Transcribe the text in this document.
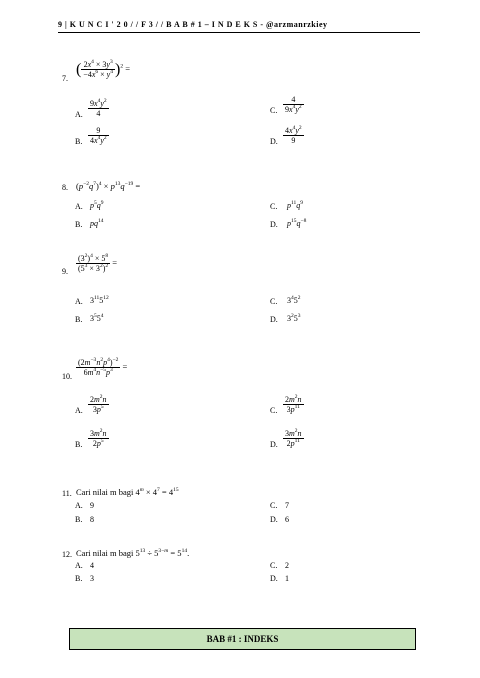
9 | K U N C I ' 2 0 / / F 3 / / B A B # 1 – I N D E K S - @arzmanrzkiey
7.
( $\frac{2x^4 \times 3y^3}{-4x^6 \times y^4} )^2$ =
A. $\frac{9x^4y^2}{4}$
B. $\frac{9}{4x^4y^2}$
C. $\frac{4}{9x^4y^2}$
D. $\frac{4x^4y^2}{9}$
8. $(p^{-2}q^7)^4 \times p^{13}q^{-19}$ =
A. $p^5q^9$
B. $pq^{14}$
C. $p^{11}q^9$
D. $p^{15}q^{-8}$
9. $\frac{(3^2)^4 \times 5^8}{(5^3 \times 3^2)^2}$ =
A. $3^{11}5^{12}$
B. $3^55^4$
C. $3^45^2$
D. $3^25^3$
10. $\frac{(2m^{-3}n^2p^4)^{-2}}{6m^4n^{-5}p^3}$ =
A. $\frac{2m^2n}{3p^5}$
B. $\frac{3m^2n}{2p^5}$
C. $\frac{2m^2n}{3p^{11}}$
D. $\frac{3m^2n}{2p^{11}}$
11. Cari nilai m bagi $4^m \times 4^7 = 4^{15}$
A. 9
B. 8
C. 7
D. 6
12. Cari nilai m bagi $5^{13} \div 5^{3-m} = 5^{14}$.
A. 4
B. 3
C. 2
D. 1
BAB #1 : INDEKS
